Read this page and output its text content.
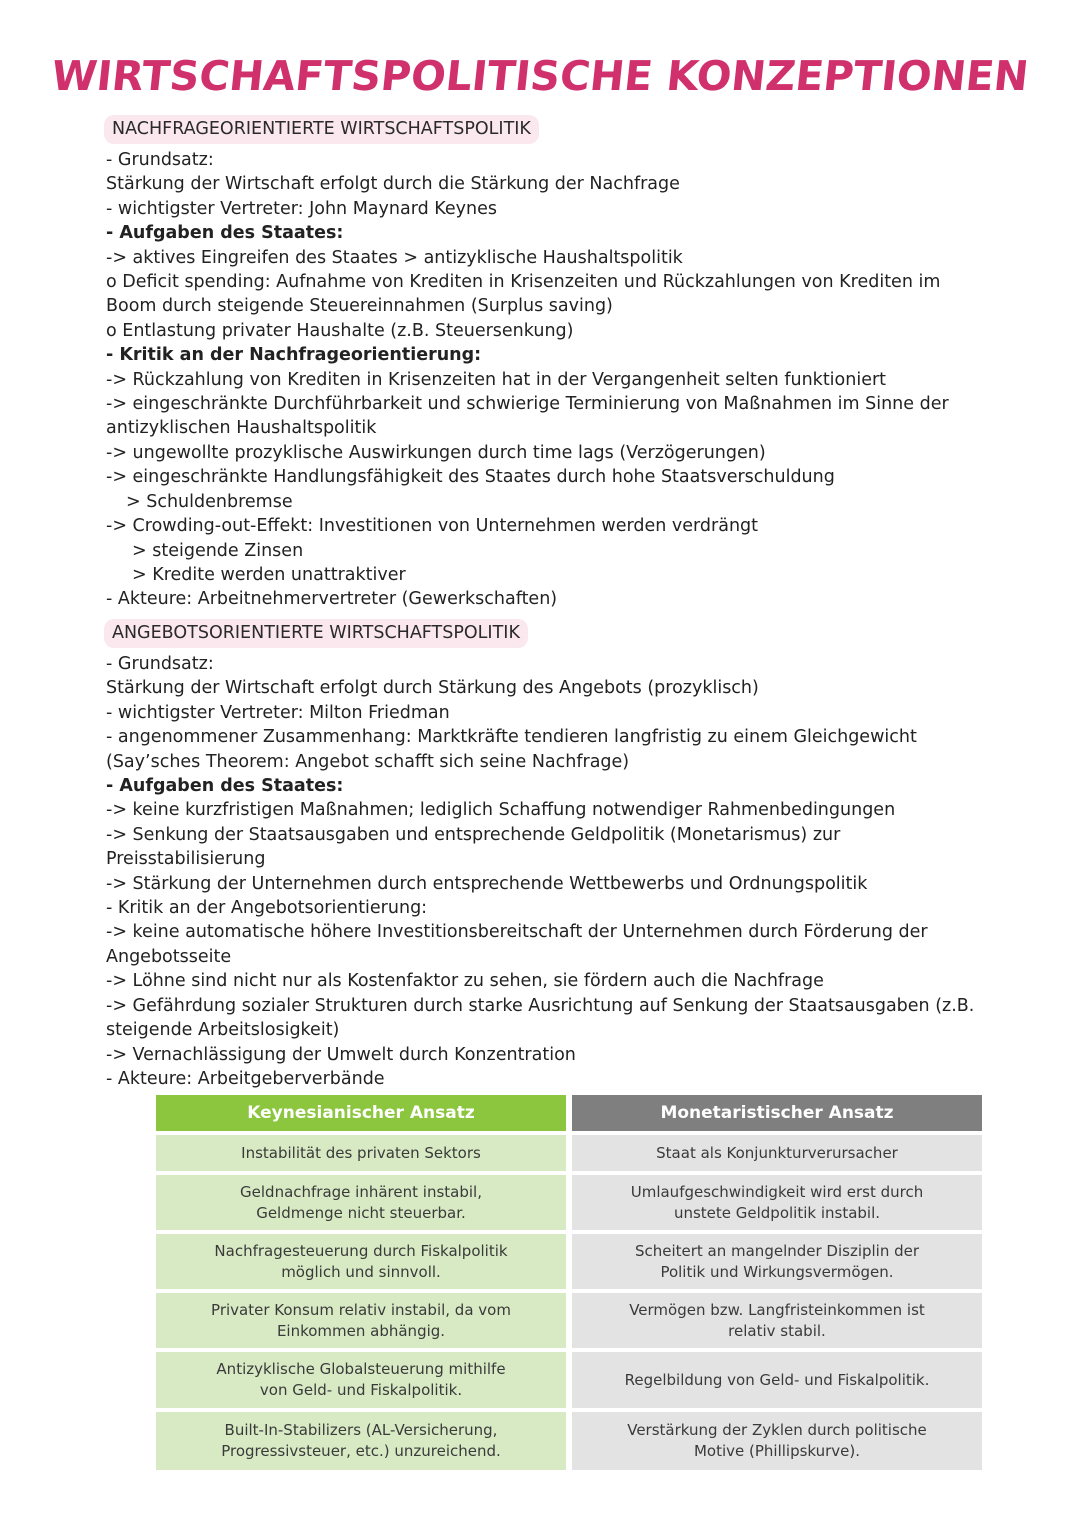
WIRTSCHAFTSPOLITISCHE KONZEPTIONEN
NACHFRAGEORIENTIERTE WIRTSCHAFTSPOLITIK
- Grundsatz:
Stärkung der Wirtschaft erfolgt durch die Stärkung der Nachfrage
- wichtigster Vertreter: John Maynard Keynes
- Aufgaben des Staates:
-> aktives Eingreifen des Staates > antizyklische Haushaltspolitik
o Deficit spending: Aufnahme von Krediten in Krisenzeiten und Rückzahlungen von Krediten im
Boom durch steigende Steuereinnahmen (Surplus saving)
o Entlastung privater Haushalte (z.B. Steuersenkung)
- Kritik an der Nachfrageorientierung:
-> Rückzahlung von Krediten in Krisenzeiten hat in der Vergangenheit selten funktioniert
-> eingeschränkte Durchführbarkeit und schwierige Terminierung von Maßnahmen im Sinne der
antizyklischen Haushaltspolitik
-> ungewollte prozyklische Auswirkungen durch time lags (Verzögerungen)
-> eingeschränkte Handlungsfähigkeit des Staates durch hohe Staatsverschuldung
> Schuldenbremse
-> Crowding-out-Effekt: Investitionen von Unternehmen werden verdrängt
> steigende Zinsen
> Kredite werden unattraktiver
- Akteure: Arbeitnehmervertreter (Gewerkschaften)
ANGEBOTSORIENTIERTE WIRTSCHAFTSPOLITIK
- Grundsatz:
Stärkung der Wirtschaft erfolgt durch Stärkung des Angebots (prozyklisch)
- wichtigster Vertreter: Milton Friedman
- angenommener Zusammenhang: Marktkräfte tendieren langfristig zu einem Gleichgewicht
(Say’sches Theorem: Angebot schafft sich seine Nachfrage)
- Aufgaben des Staates:
-> keine kurzfristigen Maßnahmen; lediglich Schaffung notwendiger Rahmenbedingungen
-> Senkung der Staatsausgaben und entsprechende Geldpolitik (Monetarismus) zur
Preisstabilisierung
-> Stärkung der Unternehmen durch entsprechende Wettbewerbs und Ordnungspolitik
- Kritik an der Angebotsorientierung:
-> keine automatische höhere Investitionsbereitschaft der Unternehmen durch Förderung der
Angebotsseite
-> Löhne sind nicht nur als Kostenfaktor zu sehen, sie fördern auch die Nachfrage
-> Gefährdung sozialer Strukturen durch starke Ausrichtung auf Senkung der Staatsausgaben (z.B.
steigende Arbeitslosigkeit)
-> Vernachlässigung der Umwelt durch Konzentration
- Akteure: Arbeitgeberverbände
Keynesianischer Ansatz	Monetaristischer Ansatz
Instabilität des privaten Sektors	Staat als Konjunkturverursacher
Geldnachfrage inhärent instabil,
Geldmenge nicht steuerbar.
Umlaufgeschwindigkeit wird erst durch
unstete Geldpolitik instabil.
Nachfragesteuerung durch Fiskalpolitik
möglich und sinnvoll.
Scheitert an mangelnder Disziplin der
Politik und Wirkungsvermögen.
Privater Konsum relativ instabil, da vom
Einkommen abhängig.
Vermögen bzw. Langfristeinkommen ist
relativ stabil.
Antizyklische Globalsteuerung mithilfe
von Geld- und Fiskalpolitik.
Regelbildung von Geld- und Fiskalpolitik.
Built-In-Stabilizers (AL-Versicherung,
Progressivsteuer, etc.) unzureichend.
Verstärkung der Zyklen durch politische
Motive (Phillipskurve).
